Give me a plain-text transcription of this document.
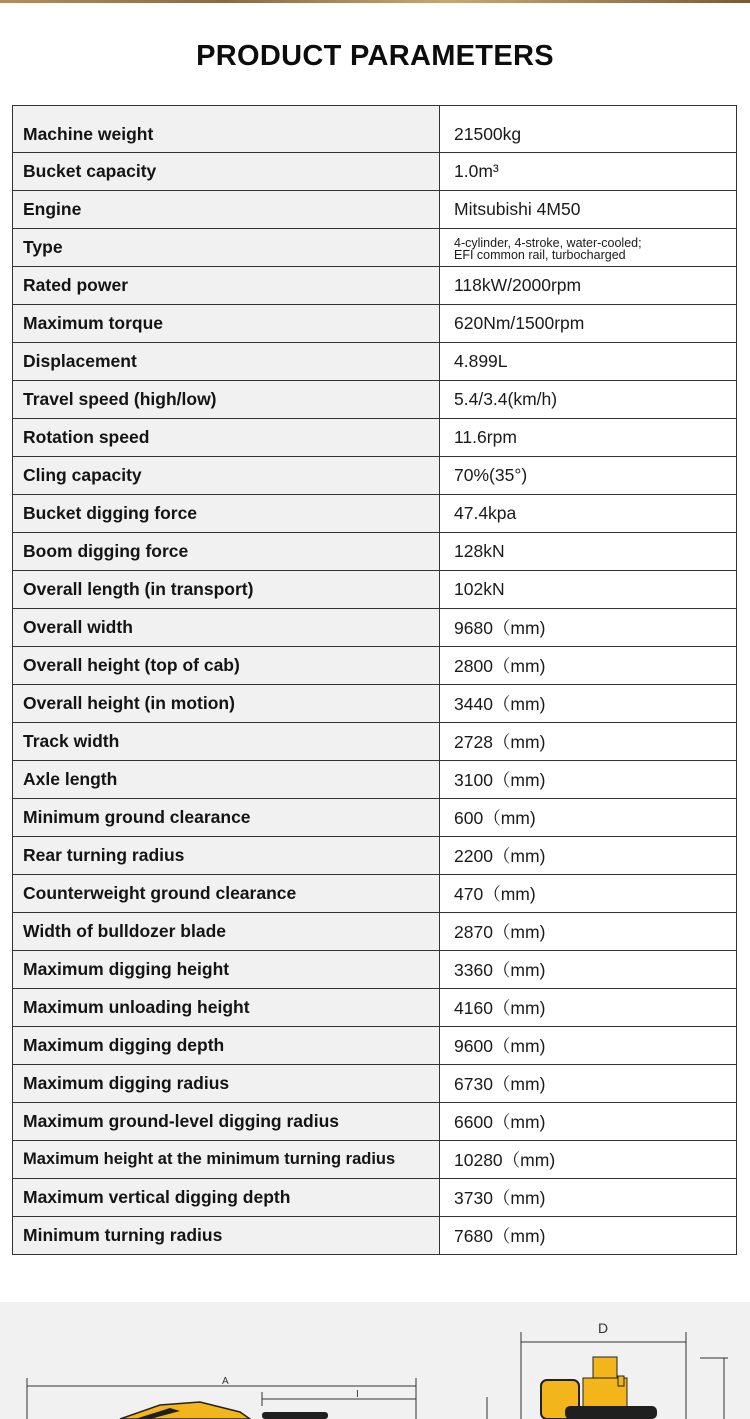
PRODUCT PARAMETERS
Machine weight	21500kg
Bucket capacity	1.0m³
Engine	Mitsubishi 4M50
Type	4-cylinder, 4-stroke, water-cooled;
EFI common rail, turbocharged
Rated power	118kW/2000rpm
Maximum torque	620Nm/1500rpm
Displacement	4.899L
Travel speed (high/low)	5.4/3.4(km/h)
Rotation speed	11.6rpm
Cling capacity	70%(35°)
Bucket digging force	47.4kpa
Boom digging force	128kN
Overall length (in transport)	102kN
Overall width	9680（mm)
Overall height (top of cab)	2800（mm)
Overall height (in motion)	3440（mm)
Track width	2728（mm)
Axle length	3100（mm)
Minimum ground clearance	600（mm)
Rear turning radius	2200（mm)
Counterweight ground clearance	470（mm)
Width of bulldozer blade	2870（mm)
Maximum digging height	3360（mm)
Maximum unloading height	4160（mm)
Maximum digging depth	9600（mm)
Maximum digging radius	6730（mm)
Maximum ground-level digging radius	6600（mm)
Maximum height at the minimum turning radius	10280（mm)
Maximum vertical digging depth	3730（mm)
Minimum turning radius	7680（mm)
A
I
D
